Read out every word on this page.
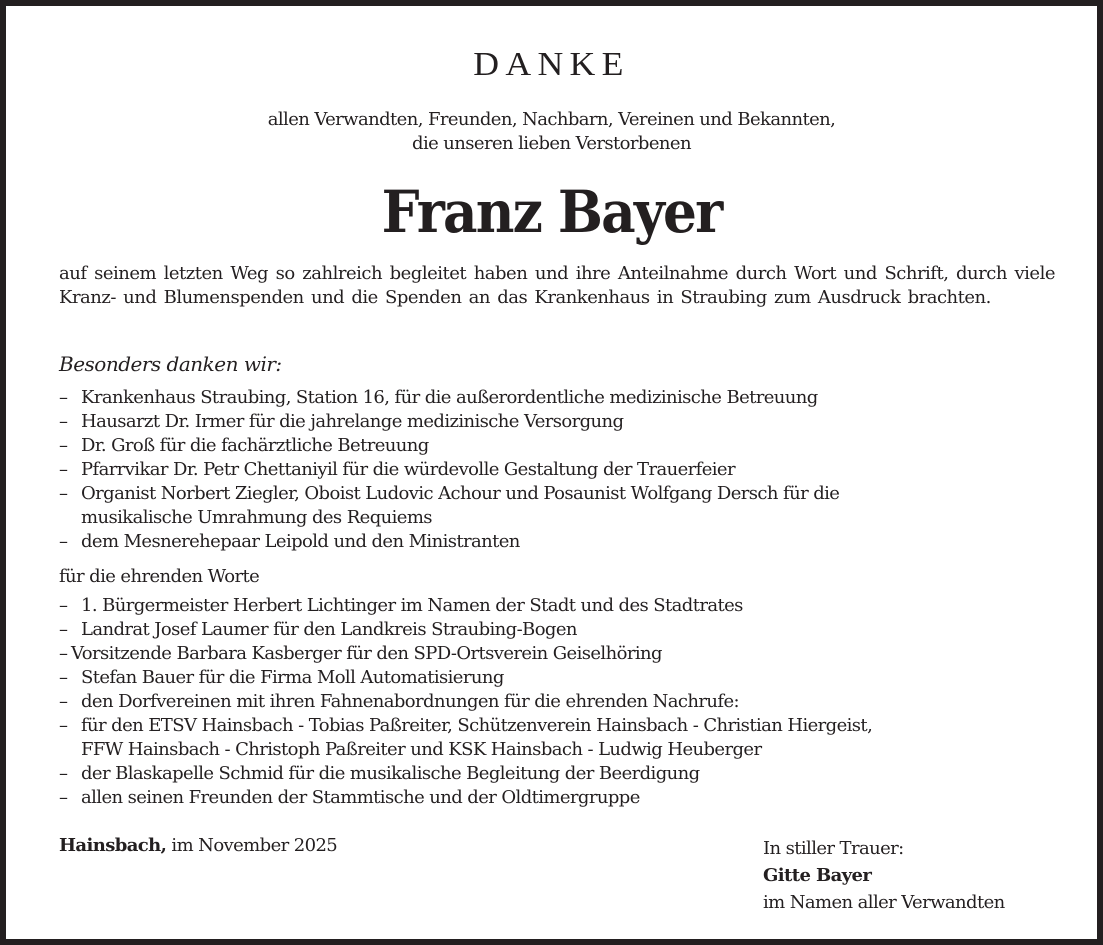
DANKE
allen Verwandten, Freunden, Nachbarn, Vereinen und Bekannten,
die unseren lieben Verstorbenen
Franz Bayer
auf seinem letzten Weg so zahlreich begleitet haben und ihre Anteilnahme durch Wort und Schrift, durch viele Kranz- und Blumenspenden und die Spenden an das Krankenhaus in Straubing zum Ausdruck brachten.
Besonders danken wir:
– Krankenhaus Straubing, Station 16, für die außerordentliche medizinische Betreuung
– Hausarzt Dr. Irmer für die jahrelange medizinische Versorgung
– Dr. Groß für die fachärztliche Betreuung
– Pfarrvikar Dr. Petr Chettaniyil für die würdevolle Gestaltung der Trauerfeier
– Organist Norbert Ziegler, Oboist Ludovic Achour und Posaunist Wolfgang Dersch für die
musikalische Umrahmung des Requiems
– dem Mesnerehepaar Leipold und den Ministranten
für die ehrenden Worte
– 1. Bürgermeister Herbert Lichtinger im Namen der Stadt und des Stadtrates
– Landrat Josef Laumer für den Landkreis Straubing-Bogen
– Vorsitzende Barbara Kasberger für den SPD-Ortsverein Geiselhöring
– Stefan Bauer für die Firma Moll Automatisierung
– den Dorfvereinen mit ihren Fahnenabordnungen für die ehrenden Nachrufe:
– für den ETSV Hainsbach - Tobias Paßreiter, Schützenverein Hainsbach - Christian Hiergeist,
FFW Hainsbach - Christoph Paßreiter und KSK Hainsbach - Ludwig Heuberger
– der Blaskapelle Schmid für die musikalische Begleitung der Beerdigung
– allen seinen Freunden der Stammtische und der Oldtimergruppe
Hainsbach, im November 2025	In stiller Trauer:
Gitte Bayer
im Namen aller Verwandten
